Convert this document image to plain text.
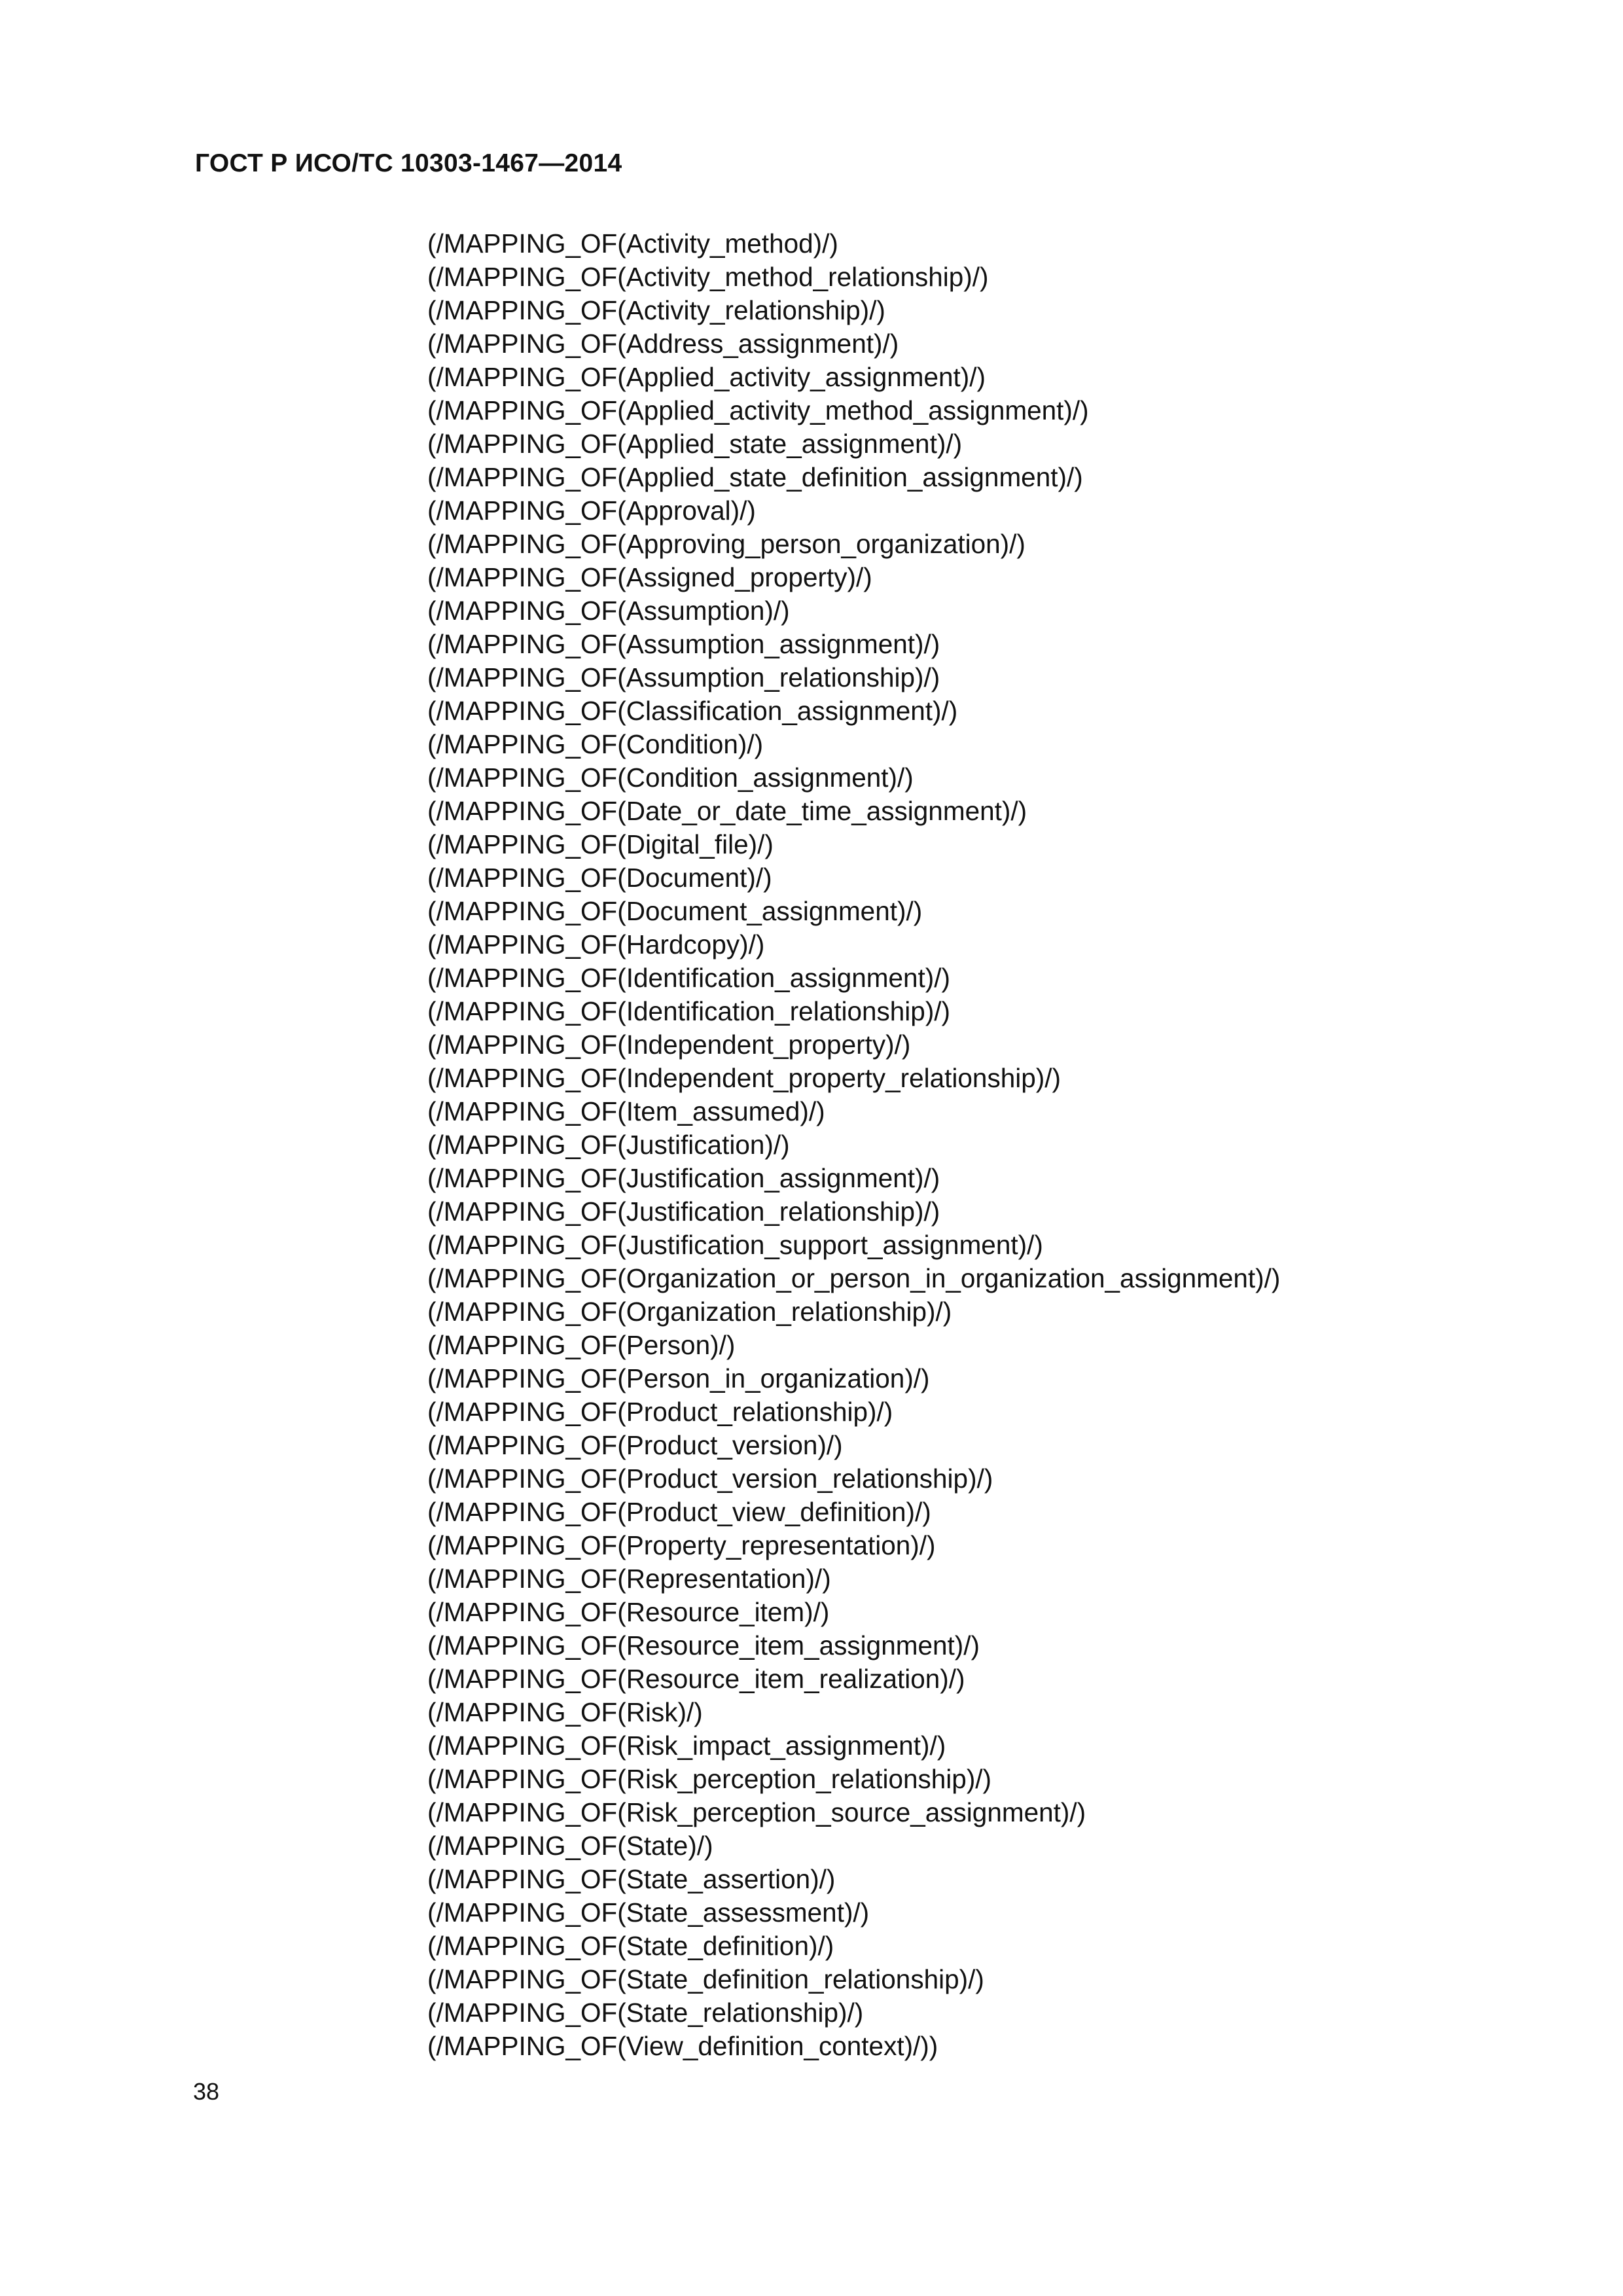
ГОСТ Р ИСО/ТС 10303-1467—2014
(/MAPPING_OF(Activity_method)/)
(/MAPPING_OF(Activity_method_relationship)/)
(/MAPPING_OF(Activity_relationship)/)
(/MAPPING_OF(Address_assignment)/)
(/MAPPING_OF(Applied_activity_assignment)/)
(/MAPPING_OF(Applied_activity_method_assignment)/)
(/MAPPING_OF(Applied_state_assignment)/)
(/MAPPING_OF(Applied_state_definition_assignment)/)
(/MAPPING_OF(Approval)/)
(/MAPPING_OF(Approving_person_organization)/)
(/MAPPING_OF(Assigned_property)/)
(/MAPPING_OF(Assumption)/)
(/MAPPING_OF(Assumption_assignment)/)
(/MAPPING_OF(Assumption_relationship)/)
(/MAPPING_OF(Classification_assignment)/)
(/MAPPING_OF(Condition)/)
(/MAPPING_OF(Condition_assignment)/)
(/MAPPING_OF(Date_or_date_time_assignment)/)
(/MAPPING_OF(Digital_file)/)
(/MAPPING_OF(Document)/)
(/MAPPING_OF(Document_assignment)/)
(/MAPPING_OF(Hardcopy)/)
(/MAPPING_OF(Identification_assignment)/)
(/MAPPING_OF(Identification_relationship)/)
(/MAPPING_OF(Independent_property)/)
(/MAPPING_OF(Independent_property_relationship)/)
(/MAPPING_OF(Item_assumed)/)
(/MAPPING_OF(Justification)/)
(/MAPPING_OF(Justification_assignment)/)
(/MAPPING_OF(Justification_relationship)/)
(/MAPPING_OF(Justification_support_assignment)/)
(/MAPPING_OF(Organization_or_person_in_organization_assignment)/)
(/MAPPING_OF(Organization_relationship)/)
(/MAPPING_OF(Person)/)
(/MAPPING_OF(Person_in_organization)/)
(/MAPPING_OF(Product_relationship)/)
(/MAPPING_OF(Product_version)/)
(/MAPPING_OF(Product_version_relationship)/)
(/MAPPING_OF(Product_view_definition)/)
(/MAPPING_OF(Property_representation)/)
(/MAPPING_OF(Representation)/)
(/MAPPING_OF(Resource_item)/)
(/MAPPING_OF(Resource_item_assignment)/)
(/MAPPING_OF(Resource_item_realization)/)
(/MAPPING_OF(Risk)/)
(/MAPPING_OF(Risk_impact_assignment)/)
(/MAPPING_OF(Risk_perception_relationship)/)
(/MAPPING_OF(Risk_perception_source_assignment)/)
(/MAPPING_OF(State)/)
(/MAPPING_OF(State_assertion)/)
(/MAPPING_OF(State_assessment)/)
(/MAPPING_OF(State_definition)/)
(/MAPPING_OF(State_definition_relationship)/)
(/MAPPING_OF(State_relationship)/)
(/MAPPING_OF(View_definition_context)/))
38
